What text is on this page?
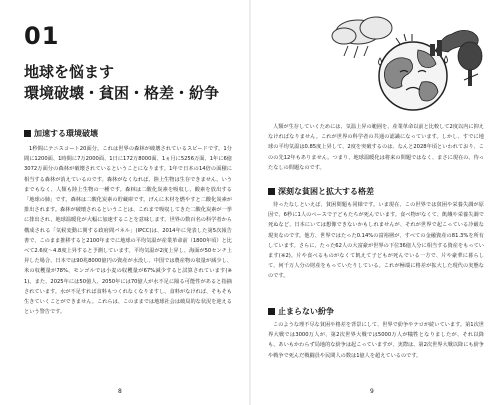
01
地球を悩ます
環境破壊・貧困・格差・紛争
加速する環境破壊
1秒間にテニスコート20面分。これは世界の森林が破壊されているスピードです。1分間に1200面、1時間に7万2000面、1日に172万8000面、1ヵ月に5256万面、1年に6億3072万面分の森林が破壊されているということになります。1年で日本の14倍の面積に相当する森林が消えているのです。森林がなくなれば、陸上生物は生存できません。いうまでもなく、人類も陸上生物の一種です。森林は二酸化炭素を吸収し、酸素を放出する「地球の肺」です。森林は二酸化炭素の貯蔵庫です。げんに木材を燃やすと二酸化炭素が排出されます。森林が破壊されるということは、これまで吸収してきた二酸化炭素が一挙に排出され、地球温暖化が大幅に加速することを意味します。世界の数百名の科学者から構成される「気候変動に関する政府間パネル」(IPCC)は、2014年に発表した第5次報告書で、このまま推移すると2100年までに地球の平均気温が産業革命前（1800年頃）と比べて2.6度〜4.8度上昇すると予測しています。平均気温が2度上昇し、海面が50センチ上昇した場合、日本では90兆8000億円の資産が水没し、中国では農産物の収量が減少し、米の収穫量が78%、モンゴルでは小麦の収穫量が67%減少すると試算されています(※1)。また、2025年には50億人、2050年には70億人が水不足に陥る可能性があると指摘されています。水が不足すれば食料もつくれなくなりますし、食料がなければ、そもそも生きていくことができません。これらは、このままでは地球社会は破局的な状況を迎えるという警告です。
8
人類が生存していくためには、気温上昇の範囲を、産業革命以前と比較して2度以内に抑えなければなりません。これが世界の科学者の共通の認識になっています。しかし、すでに地球の平均気温は0.85度上昇して、2度を突破するのは、なんと2028年頃といわれており、このの先12年もありません。つまり、地球温暖化は将来の問題ではなく、まさに現在の、待ったなしの問題なのです。
深刻な貧困と拡大する格差
待ったなしといえば、貧困問題も同様です。いま現在、この世界では貧困や栄養失調が原因で、6秒に1人のペースで子どもたちが死んでいます。食べ物がなくて、飢餓や栄養失調で死ぬなど、日本にいては想像できないかもしれませんが、それが世界で起こっている冷厳な現実なのです。他方、世界ではたった0.14%の富裕層が、すべての金融資産の81.3%を所有しています。さらに、たった62人の大富豪が世界の下位36億人分に相当する資産をもっています(※2)。片や食べるものがなくて飢えて子どもが死んでいる一方で、片や豪華に暮らして、何千万人分の財産をもっていたりしている。これが極端に格差が拡大した現代の実態なのです。
止まらない紛争
このような理不尽な貧困や格差を背景にして、世界で紛争やテロが続いています。第1次世界大戦では3000万人が、第2次世界大戦では5000万人が犠牲となりましたが、それ以降も、あいもかわらず局地的な紛争は起こっていますが、実際は、第2次世界大戦以降にも紛争や戦争で死んだ戦闘員や民間人の数は1億人を超えているのです。
9
